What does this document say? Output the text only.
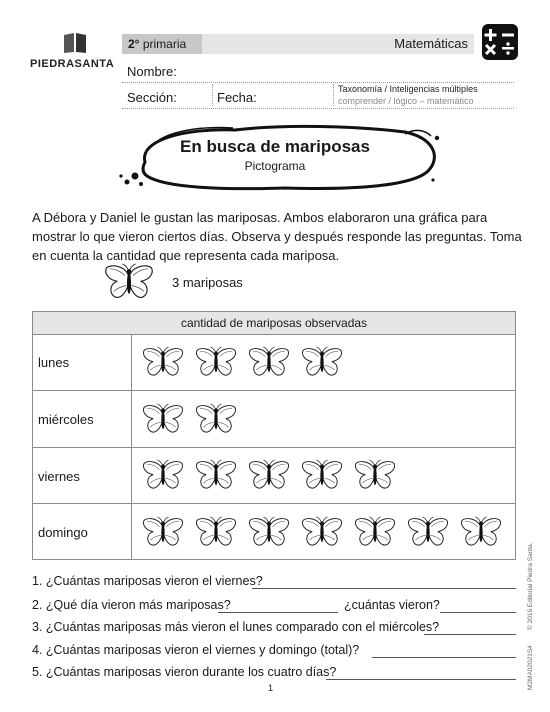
PIEDRASANTA
2° primaria	Matemáticas
Nombre:
Sección:	Fecha:
Taxonomía / Inteligencias múltiples
comprender / lógico – matemático
En busca de mariposas
Pictograma
A Débora y Daniel le gustan las mariposas. Ambos elaboraron una gráfica para mostrar lo que vieron ciertos días. Observa y después responde las preguntas. Toma en cuenta la cantidad que representa cada mariposa.
3 mariposas
cantidad de mariposas observadas
lunes
miércoles
viernes
domingo
1. ¿Cuántas mariposas vieron el viernes?
2. ¿Qué día vieron más mariposas?	¿cuántas vieron?
3. ¿Cuántas mariposas más vieron el lunes comparado con el miércoles?
4. ¿Cuántas mariposas vieron el viernes y domingo (total)?
5. ¿Cuántas mariposas vieron durante los cuatro días?	M2MA02021S4
© 2016 Editorial Piedra Santa.
1
